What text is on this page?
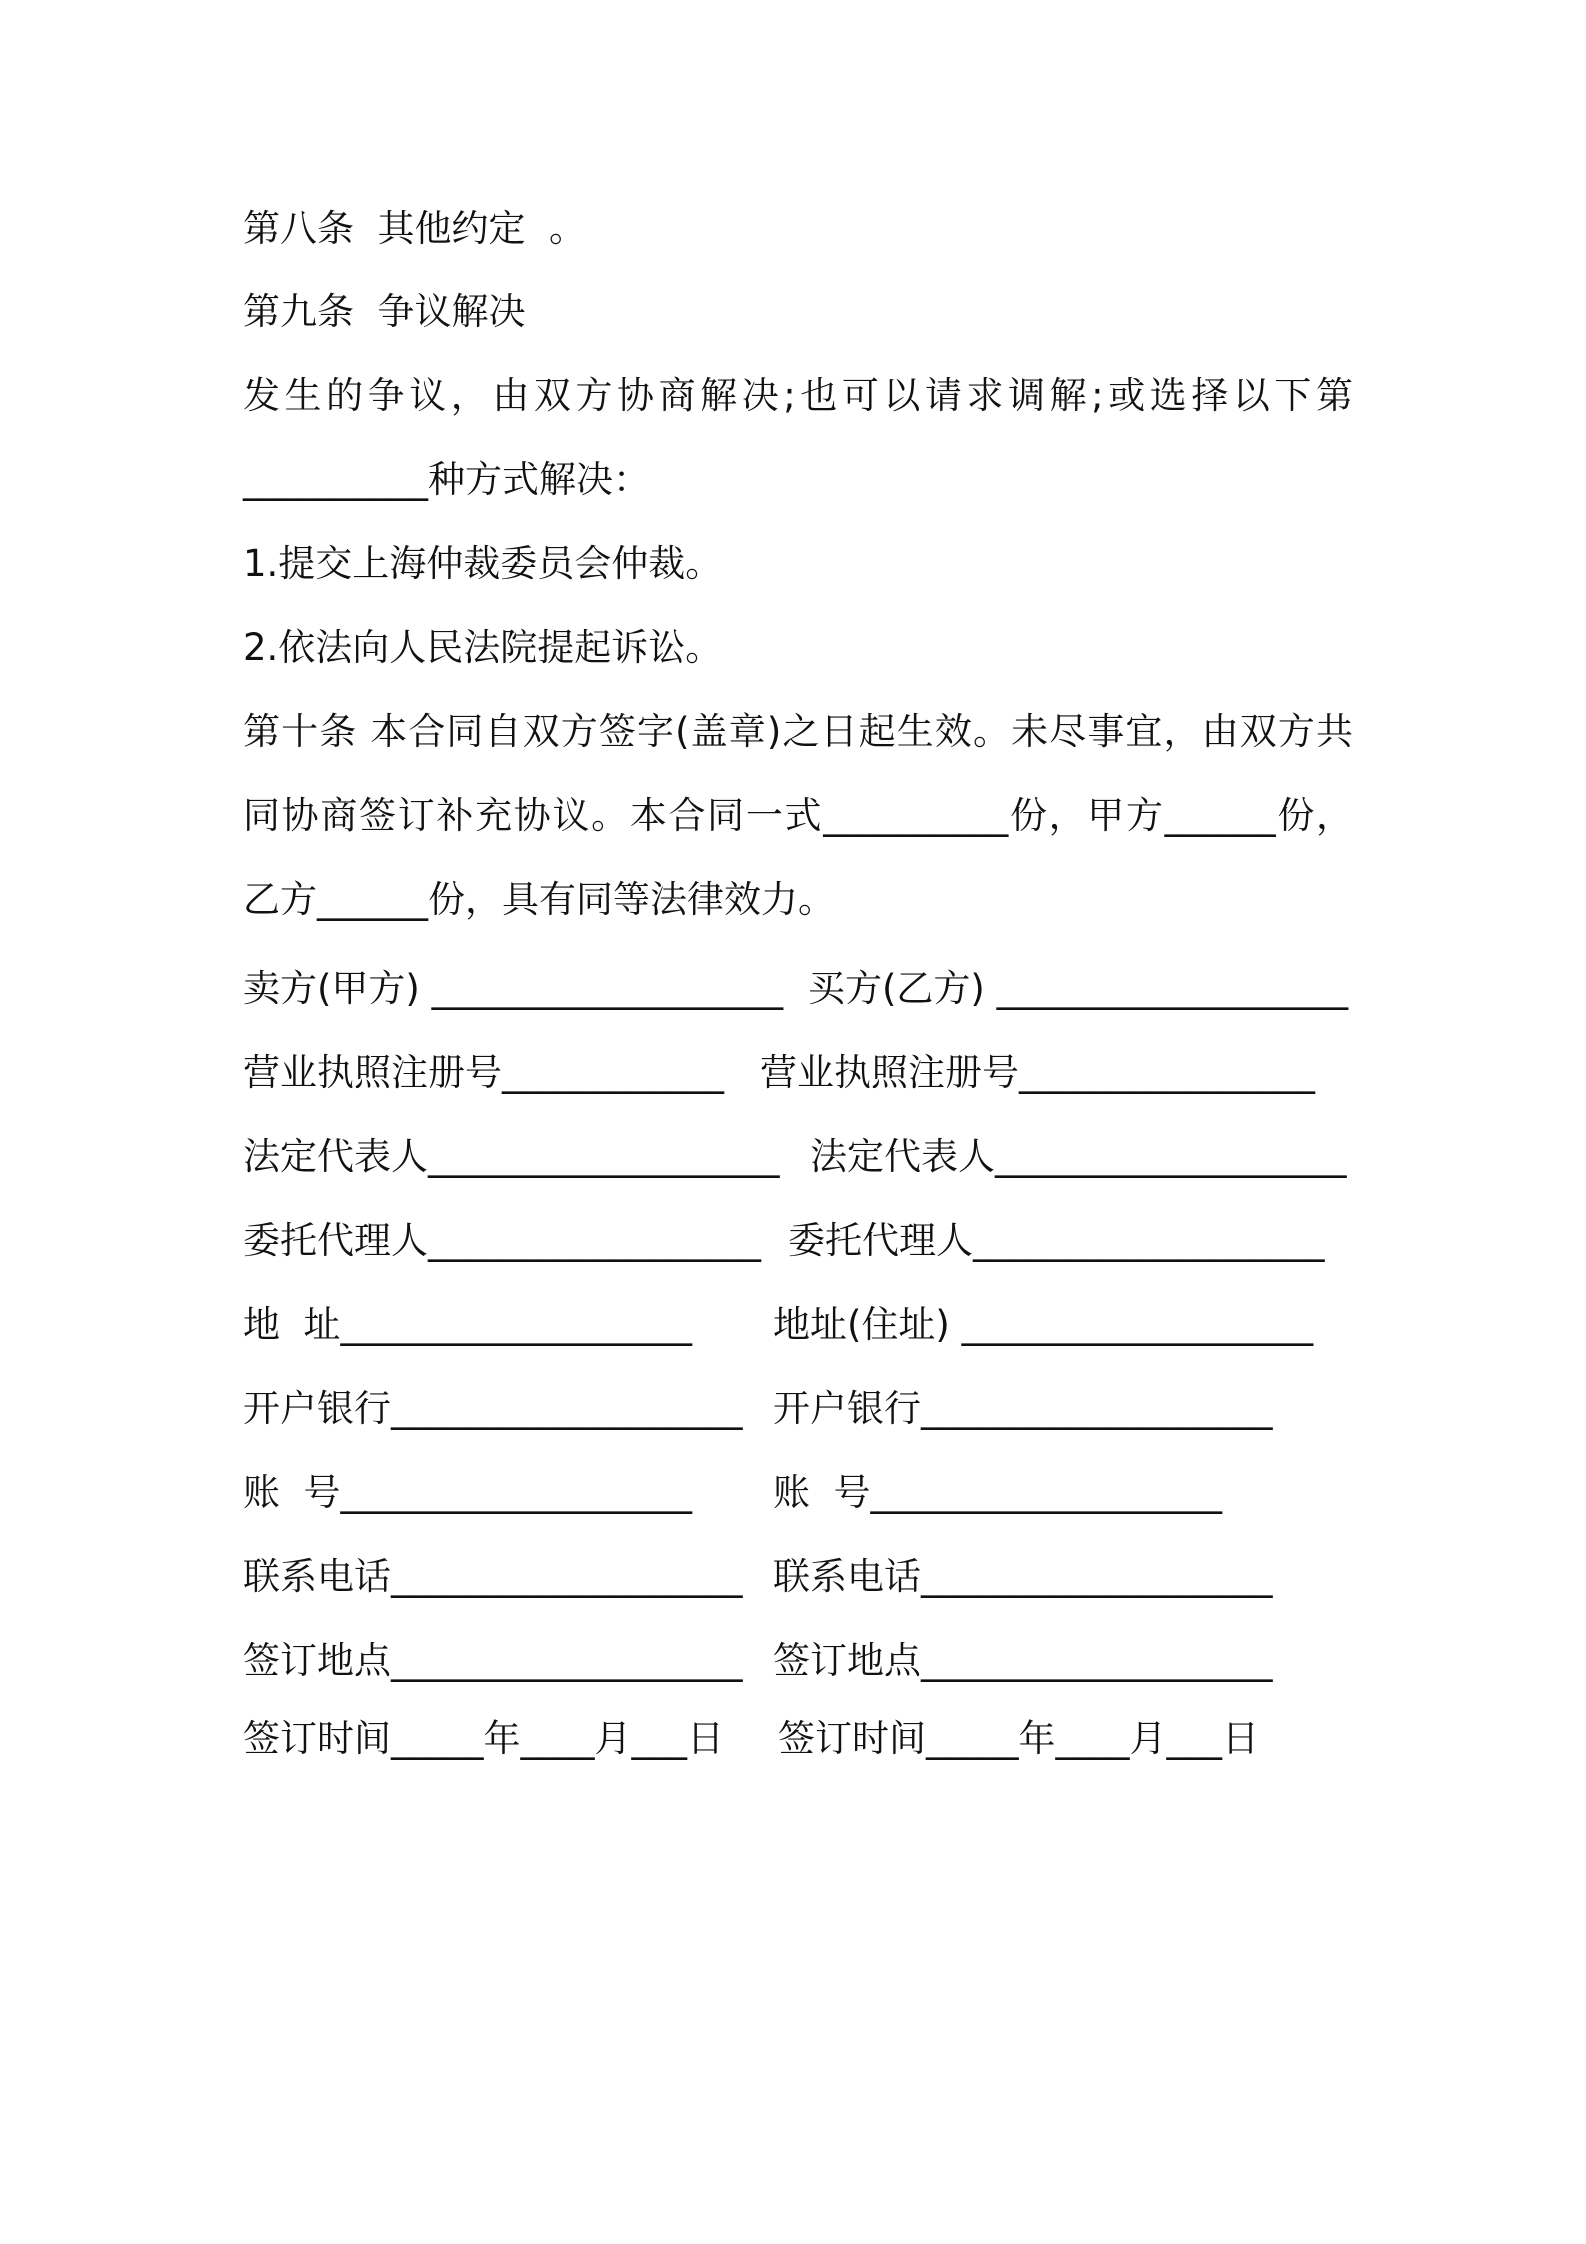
第八条  其他约定  。

第九条  争议解决

发生的争议，由双方协商解决;也可以请求调解;或选择以下第

__________种方式解决：

1.提交上海仲裁委员会仲裁。

2.依法向人民法院提起诉讼。

第十条 本合同自双方签字(盖章)之日起生效。未尽事宜，由双方共

同协商签订补充协议。本合同一式__________份，甲方______份，

乙方______份，具有同等法律效力。

卖方(甲方) ___________________ 买方(乙方) ___________________

营业执照注册号____________ 营业执照注册号________________

法定代表人___________________ 法定代表人___________________

委托代理人__________________ 委托代理人___________________

地  址___________________ 地址(住址) ___________________

开户银行___________________ 开户银行___________________

账  号___________________ 账  号___________________

联系电话___________________ 联系电话___________________

签订地点___________________ 签订地点___________________

签订时间_____年____月___日 签订时间_____年____月___日
